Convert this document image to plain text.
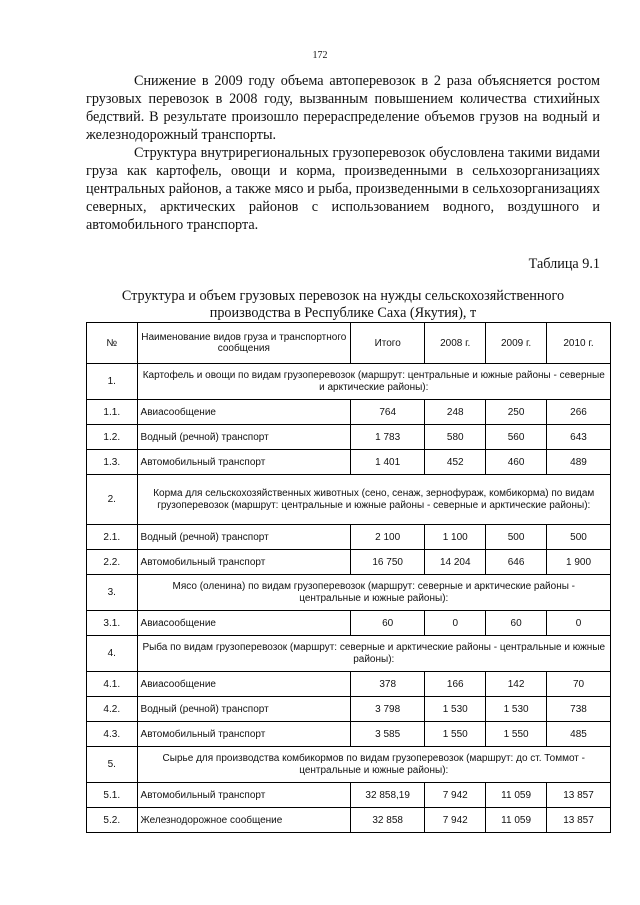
172

Снижение в 2009 году объема автоперевозок в 2 раза объясняется ростом грузовых перевозок в 2008 году, вызванным повышением количества стихийных бедствий. В результате произошло перераспределение объемов грузов на водный и железнодорожный транспорты.

Структура внутрирегиональных грузоперевозок обусловлена такими видами груза как картофель, овощи и корма, произведенными в сельхозорганизациях центральных районов, а также мясо и рыба, произведенными в сельхозорганизациях северных, арктических районов с использованием водного, воздушного и автомобильного транспорта.

Таблица 9.1
Структура и объем грузовых перевозок на нужды сельскохозяйственного производства в Республике Саха (Якутия), т
№	Наименование видов груза и транспортного сообщения	Итого	2008 г.	2009 г.	2010 г.
1.	Картофель и овощи по видам грузоперевозок (маршрут: центральные и южные районы - северные и арктические районы):				
1.1.	Авиасообщение	764	248	250	266
1.2.	Водный (речной) транспорт	1 783	580	560	643
1.3.	Автомобильный транспорт	1 401	452	460	489
2.	Корма для сельскохозяйственных животных (сено, сенаж, зернофураж, комбикорма) по видам грузоперевозок (маршрут: центральные и южные районы - северные и арктические районы):				
2.1.	Водный (речной) транспорт	2 100	1 100	500	500
2.2.	Автомобильный транспорт	16 750	14 204	646	1 900
3.	Мясо (оленина) по видам грузоперевозок (маршрут: северные и арктические районы - центральные и южные районы):				
3.1.	Авиасообщение	60	0	60	0
4.	Рыба по видам грузоперевозок (маршрут: северные и арктические районы - центральные и южные районы):				
4.1.	Авиасообщение	378	166	142	70
4.2.	Водный (речной) транспорт	3 798	1 530	1 530	738
4.3.	Автомобильный транспорт	3 585	1 550	1 550	485
5.	Сырье для производства комбикормов по видам грузоперевозок (маршрут: до ст. Томмот - центральные и южные районы):				
5.1.	Автомобильный транспорт	32 858,19	7 942	11 059	13 857
5.2.	Железнодорожное сообщение	32 858	7 942	11 059	13 857
